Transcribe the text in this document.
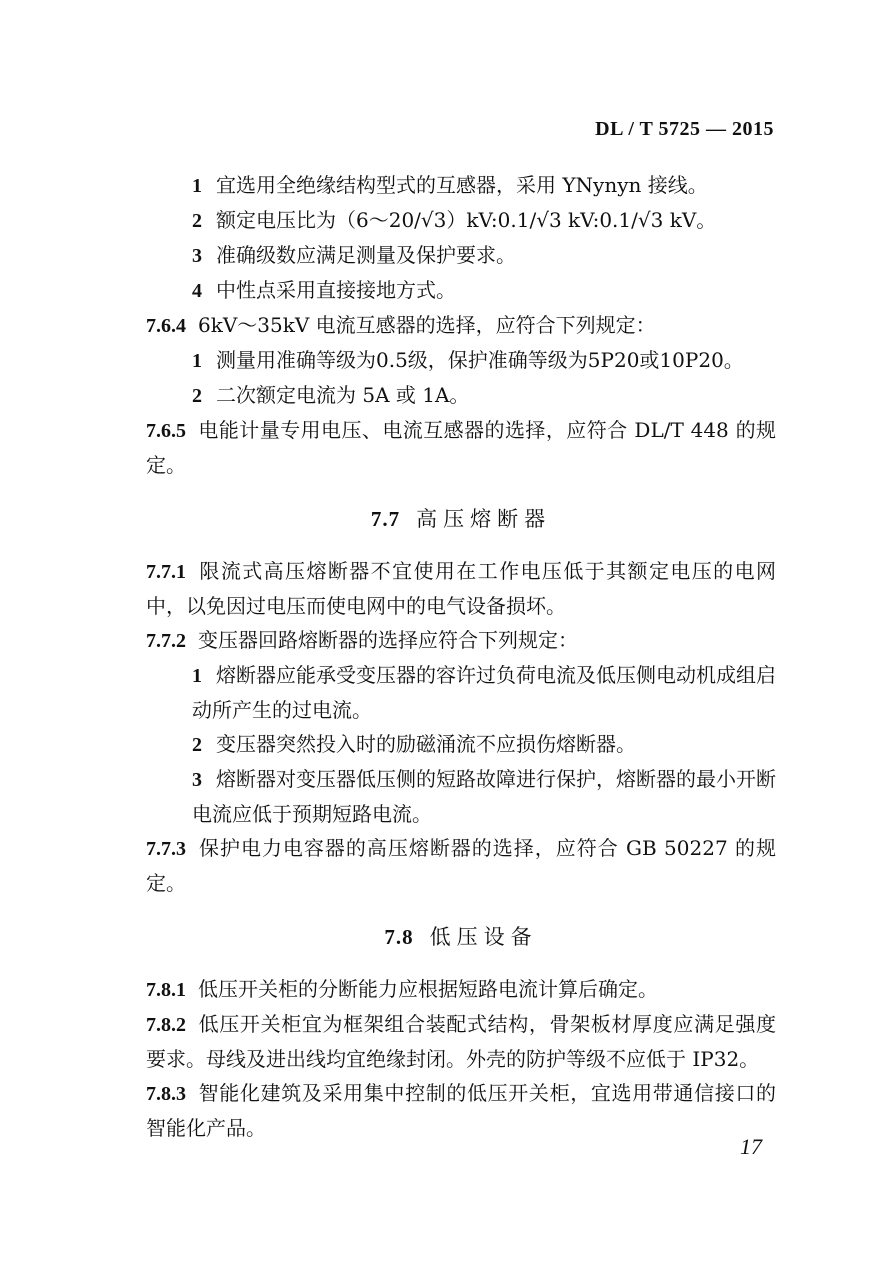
DL / T 5725 — 2015

1 宜选用全绝缘结构型式的互感器，采用 YNynyn 接线。

2 额定电压比为（6～20/√3）kV:0.1/√3 kV:0.1/√3 kV。

3 准确级数应满足测量及保护要求。

4 中性点采用直接接地方式。

7.6.4 6kV～35kV 电流互感器的选择，应符合下列规定：

1 测量用准确等级为0.5级，保护准确等级为5P20或10P20。

2 二次额定电流为 5A 或 1A。

7.6.5 电能计量专用电压、电流互感器的选择，应符合 DL/T 448 的规定。

7.7 高压熔断器

7.7.1 限流式高压熔断器不宜使用在工作电压低于其额定电压的电网中，以免因过电压而使电网中的电气设备损坏。

7.7.2 变压器回路熔断器的选择应符合下列规定：

1 熔断器应能承受变压器的容许过负荷电流及低压侧电动机成组启动所产生的过电流。

2 变压器突然投入时的励磁涌流不应损伤熔断器。

3 熔断器对变压器低压侧的短路故障进行保护，熔断器的最小开断电流应低于预期短路电流。

7.7.3 保护电力电容器的高压熔断器的选择，应符合 GB 50227 的规定。

7.8 低压设备

7.8.1 低压开关柜的分断能力应根据短路电流计算后确定。

7.8.2 低压开关柜宜为框架组合装配式结构，骨架板材厚度应满足强度要求。母线及进出线均宜绝缘封闭。外壳的防护等级不应低于 IP32。

7.8.3 智能化建筑及采用集中控制的低压开关柜，宜选用带通信接口的智能化产品。

17
